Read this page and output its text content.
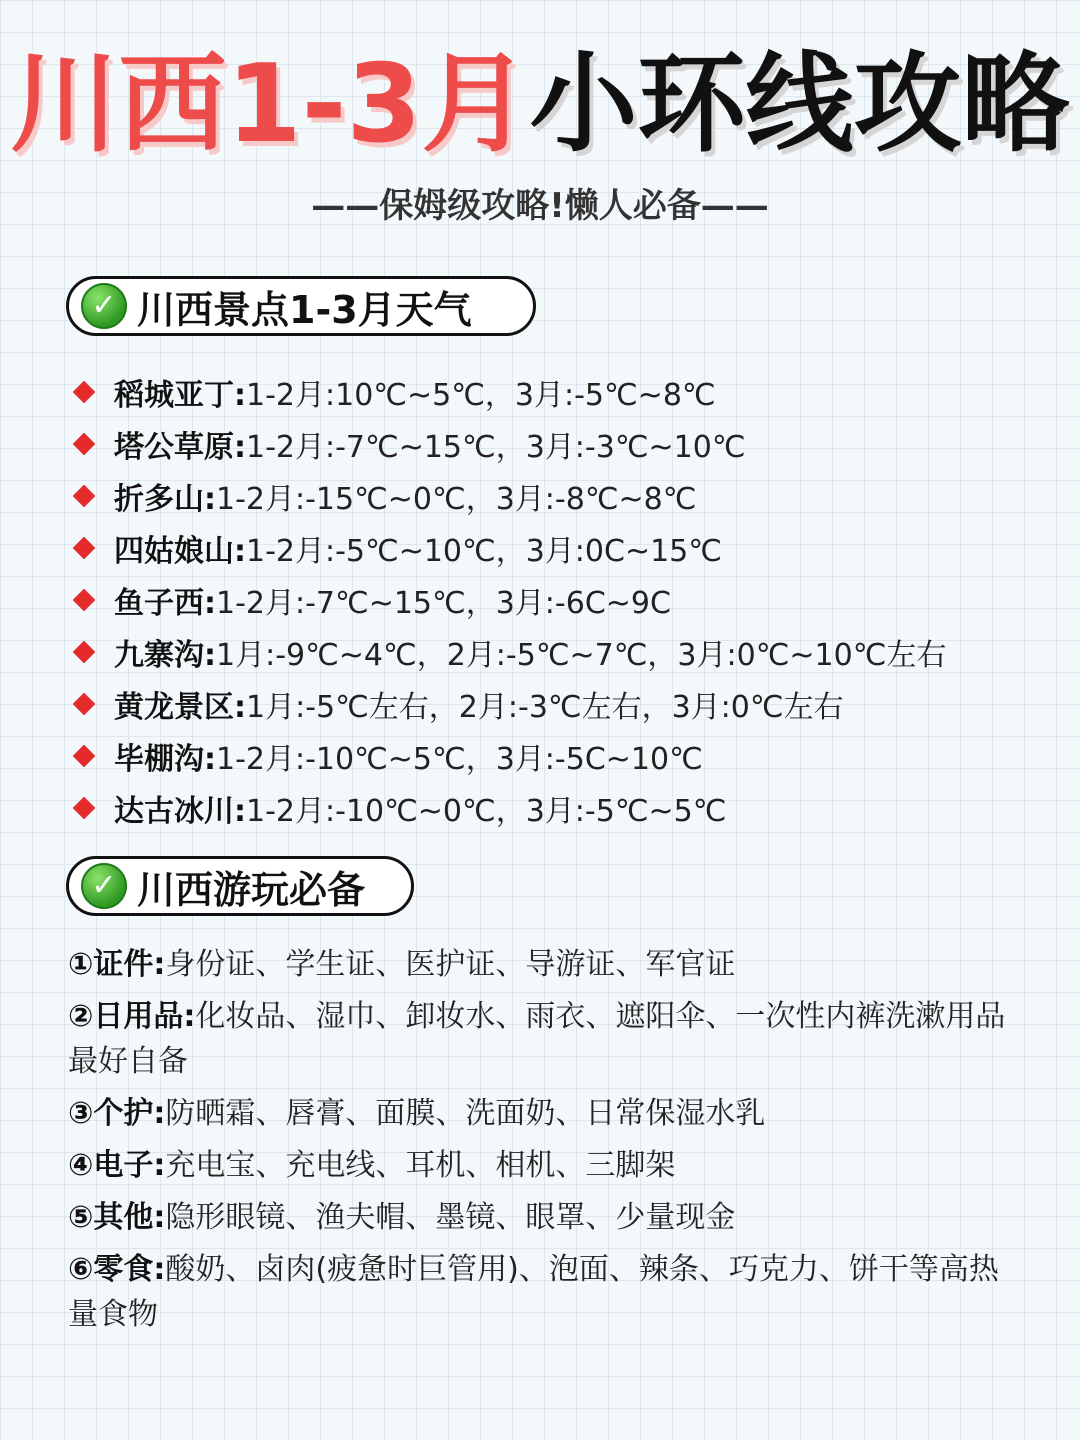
川西1-3月小环线攻略
——保姆级攻略!懒人必备——
✓ 川西景点1-3月天气
稻城亚丁: 1-2月:10℃~5℃，3月:-5℃~8℃
塔公草原: 1-2月:-7℃~15℃，3月:-3℃~10℃
折多山: 1-2月:-15℃~0℃，3月:-8℃~8℃
四姑娘山: 1-2月:-5℃~10℃，3月:0C~15℃
鱼子西: 1-2月:-7℃~15℃，3月:-6C~9C
九寨沟: 1月:-9℃~4℃，2月:-5℃~7℃，3月:0℃~10℃左右
黄龙景区: 1月:-5℃左右，2月:-3℃左右，3月:0℃左右
毕棚沟: 1-2月:-10℃~5℃，3月:-5C~10℃
达古冰川: 1-2月:-10℃~0℃，3月:-5℃~5℃
✓ 川西游玩必备
①证件:身份证、学生证、医护证、导游证、军官证
②日用品:化妆品、湿巾、卸妆水、雨衣、遮阳伞、一次性内裤洗漱用品最好自备
③个护:防晒霜、唇膏、面膜、洗面奶、日常保湿水乳
④电子:充电宝、充电线、耳机、相机、三脚架
⑤其他:隐形眼镜、渔夫帽、墨镜、眼罩、少量现金
⑥零食:酸奶、卤肉(疲惫时巨管用)、泡面、辣条、巧克力、饼干等高热量食物
